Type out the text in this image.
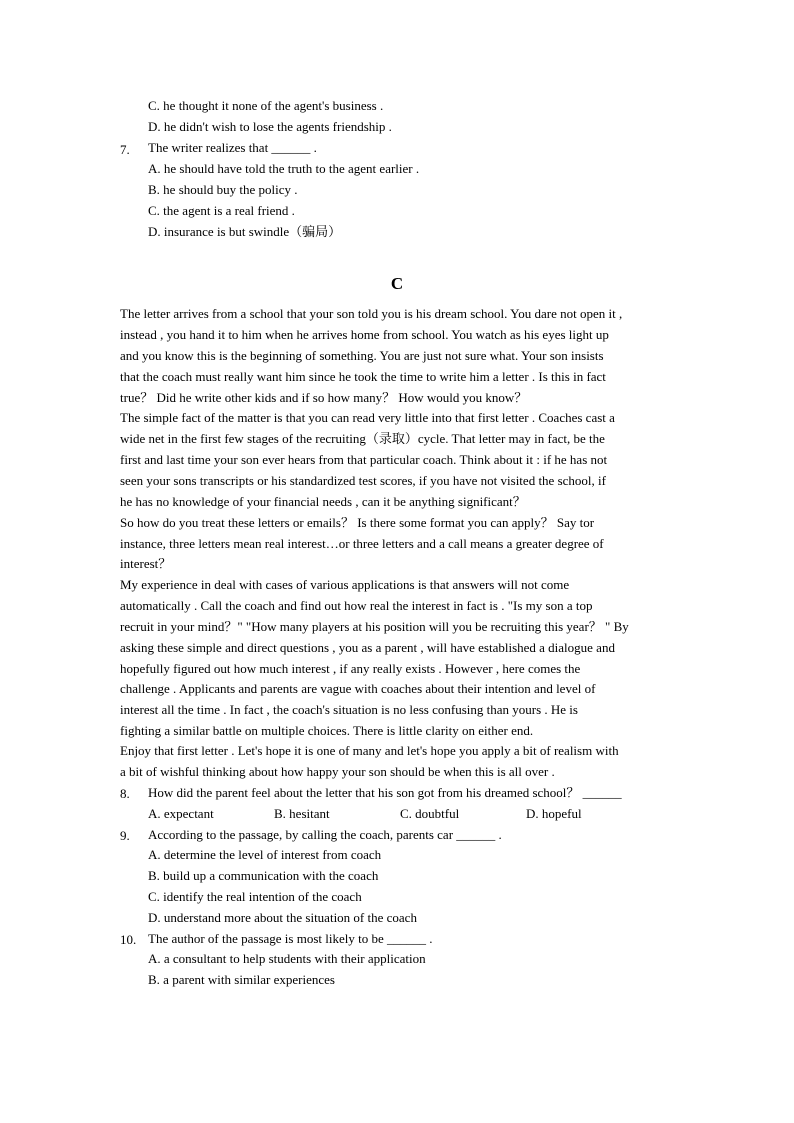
C. he thought it none of the agent's business .
D. he didn't wish to lose the agents friendship .
7. The writer realizes that ______ .
A. he should have told the truth to the agent earlier .
B. he should buy the policy .
C. the agent is a real friend .
D. insurance is but swindle（骗局）
C
The letter arrives from a school that your son told you is his dream school. You dare not open it ,
instead , you hand it to him when he arrives home from school. You watch as his eyes light up
and you know this is the beginning of something. You are just not sure what. Your son insists
that the coach must really want him since he took the time to write him a letter . Is this in fact
true？ Did he write other kids and if so how many？ How would you know？
The simple fact of the matter is that you can read very little into that first letter . Coaches cast a
wide net in the first few stages of the recruiting（录取）cycle. That letter may in fact, be the
first and last time your son ever hears from that particular coach. Think about it : if he has not
seen your sons transcripts or his standardized test scores, if you have not visited the school, if
he has no knowledge of your financial needs , can it be anything significant？
So how do you treat these letters or emails？ Is there some format you can apply？ Say tor
instance, three letters mean real interest…or three letters and a call means a greater degree of
interest？
My experience in deal with cases of various applications is that answers will not come
automatically . Call the coach and find out how real the interest in fact is . "Is my son a top
recruit in your mind？" "How many players at his position will you be recruiting this year？ " By
asking these simple and direct questions , you as a parent , will have established a dialogue and
hopefully figured out how much interest , if any really exists . However , here comes the
challenge . Applicants and parents are vague with coaches about their intention and level of
interest all the time . In fact , the coach's situation is no less confusing than yours . He is
fighting a similar battle on multiple choices. There is little clarity on either end.
Enjoy that first letter . Let's hope it is one of many and let's hope you apply a bit of realism with
a bit of wishful thinking about how happy your son should be when this is all over .
8. How did the parent feel about the letter that his son got from his dreamed school？ ______
A. expectant	B. hesitant	C. doubtful	D. hopeful
9. According to the passage, by calling the coach, parents car ______ .
A. determine the level of interest from coach
B. build up a communication with the coach
C. identify the real intention of the coach
D. understand more about the situation of the coach
10. The author of the passage is most likely to be ______ .
A. a consultant to help students with their application
B. a parent with similar experiences
